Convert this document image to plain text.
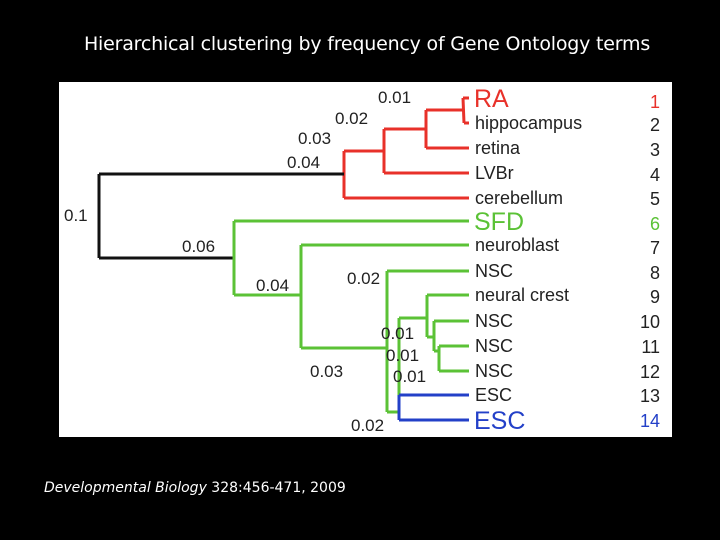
Hierarchical clustering by frequency of Gene Ontology terms
0.01
0.02
0.03
0.04
0.1
0.06
0.04	0.02
0.01
0.01
0.01
0.03
0.02
RA
hippocampus
retina
LVBr
cerebellum
SFD
neuroblast
NSC
neural crest
NSC
NSC
NSC
ESC
ESC
1
2
3
4
5
6
7
8
9
10
11
12
13
14
Developmental Biology 328:456-471, 2009
